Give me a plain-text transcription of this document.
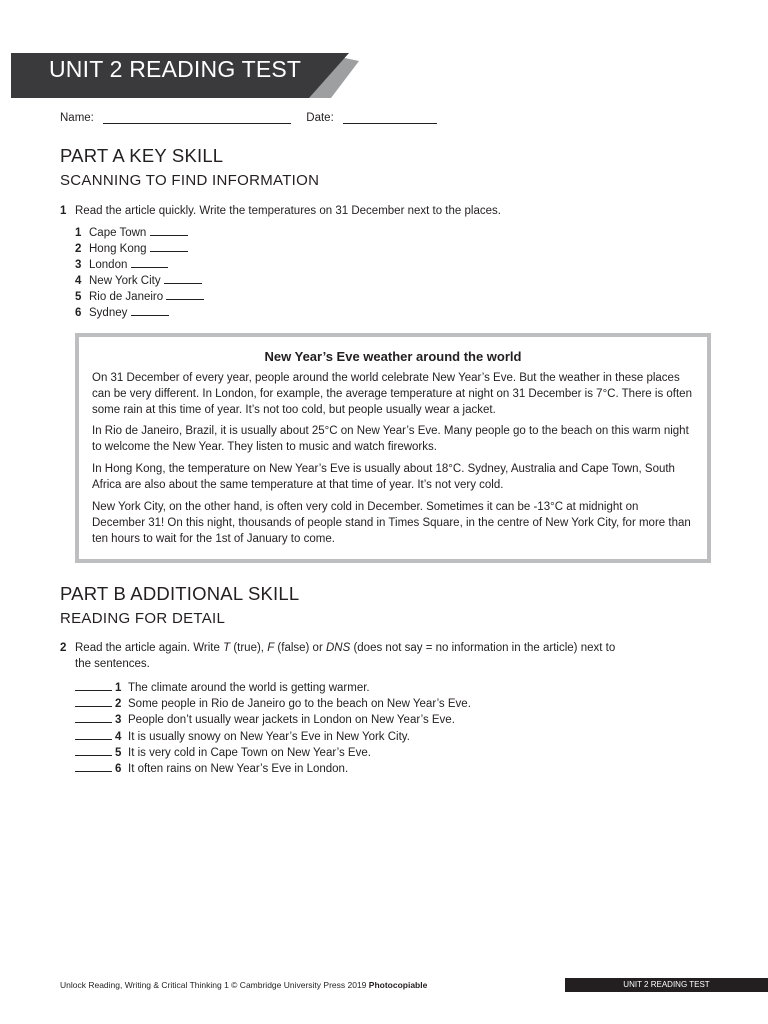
UNIT 2 READING TEST
Name:	Date:
PART A KEY SKILL
SCANNING TO FIND INFORMATION
1 Read the article quickly. Write the temperatures on 31 December next to the places.
1 Cape Town
2 Hong Kong
3 London
4 New York City
5 Rio de Janeiro
6 Sydney
New Year’s Eve weather around the world
On 31 December of every year, people around the world celebrate New Year’s Eve. But the weather in these places can be very different. In London, for example, the average temperature at night on 31 December is 7°C. There is often some rain at this time of year. It’s not too cold, but people usually wear a jacket.
In Rio de Janeiro, Brazil, it is usually about 25°C on New Year’s Eve. Many people go to the beach on this warm night to welcome the New Year. They listen to music and watch fireworks.
In Hong Kong, the temperature on New Year’s Eve is usually about 18°C. Sydney, Australia and Cape Town, South Africa are also about the same temperature at that time of year. It’s not very cold.
New York City, on the other hand, is often very cold in December. Sometimes it can be -13°C at midnight on December 31! On this night, thousands of people stand in Times Square, in the centre of New York City, for more than ten hours to wait for the 1st of January to come.
PART B ADDITIONAL SKILL
READING FOR DETAIL
2 Read the article again. Write T (true), F (false) or DNS (does not say = no information in the article) next to
the sentences.
1 The climate around the world is getting warmer.
2 Some people in Rio de Janeiro go to the beach on New Year’s Eve.
3 People don’t usually wear jackets in London on New Year’s Eve.
4 It is usually snowy on New Year’s Eve in New York City.
5 It is very cold in Cape Town on New Year’s Eve.
6 It often rains on New Year’s Eve in London.
Unlock Reading, Writing & Critical Thinking 1 © Cambridge University Press 2019 Photocopiable	UNIT 2 READING TEST
